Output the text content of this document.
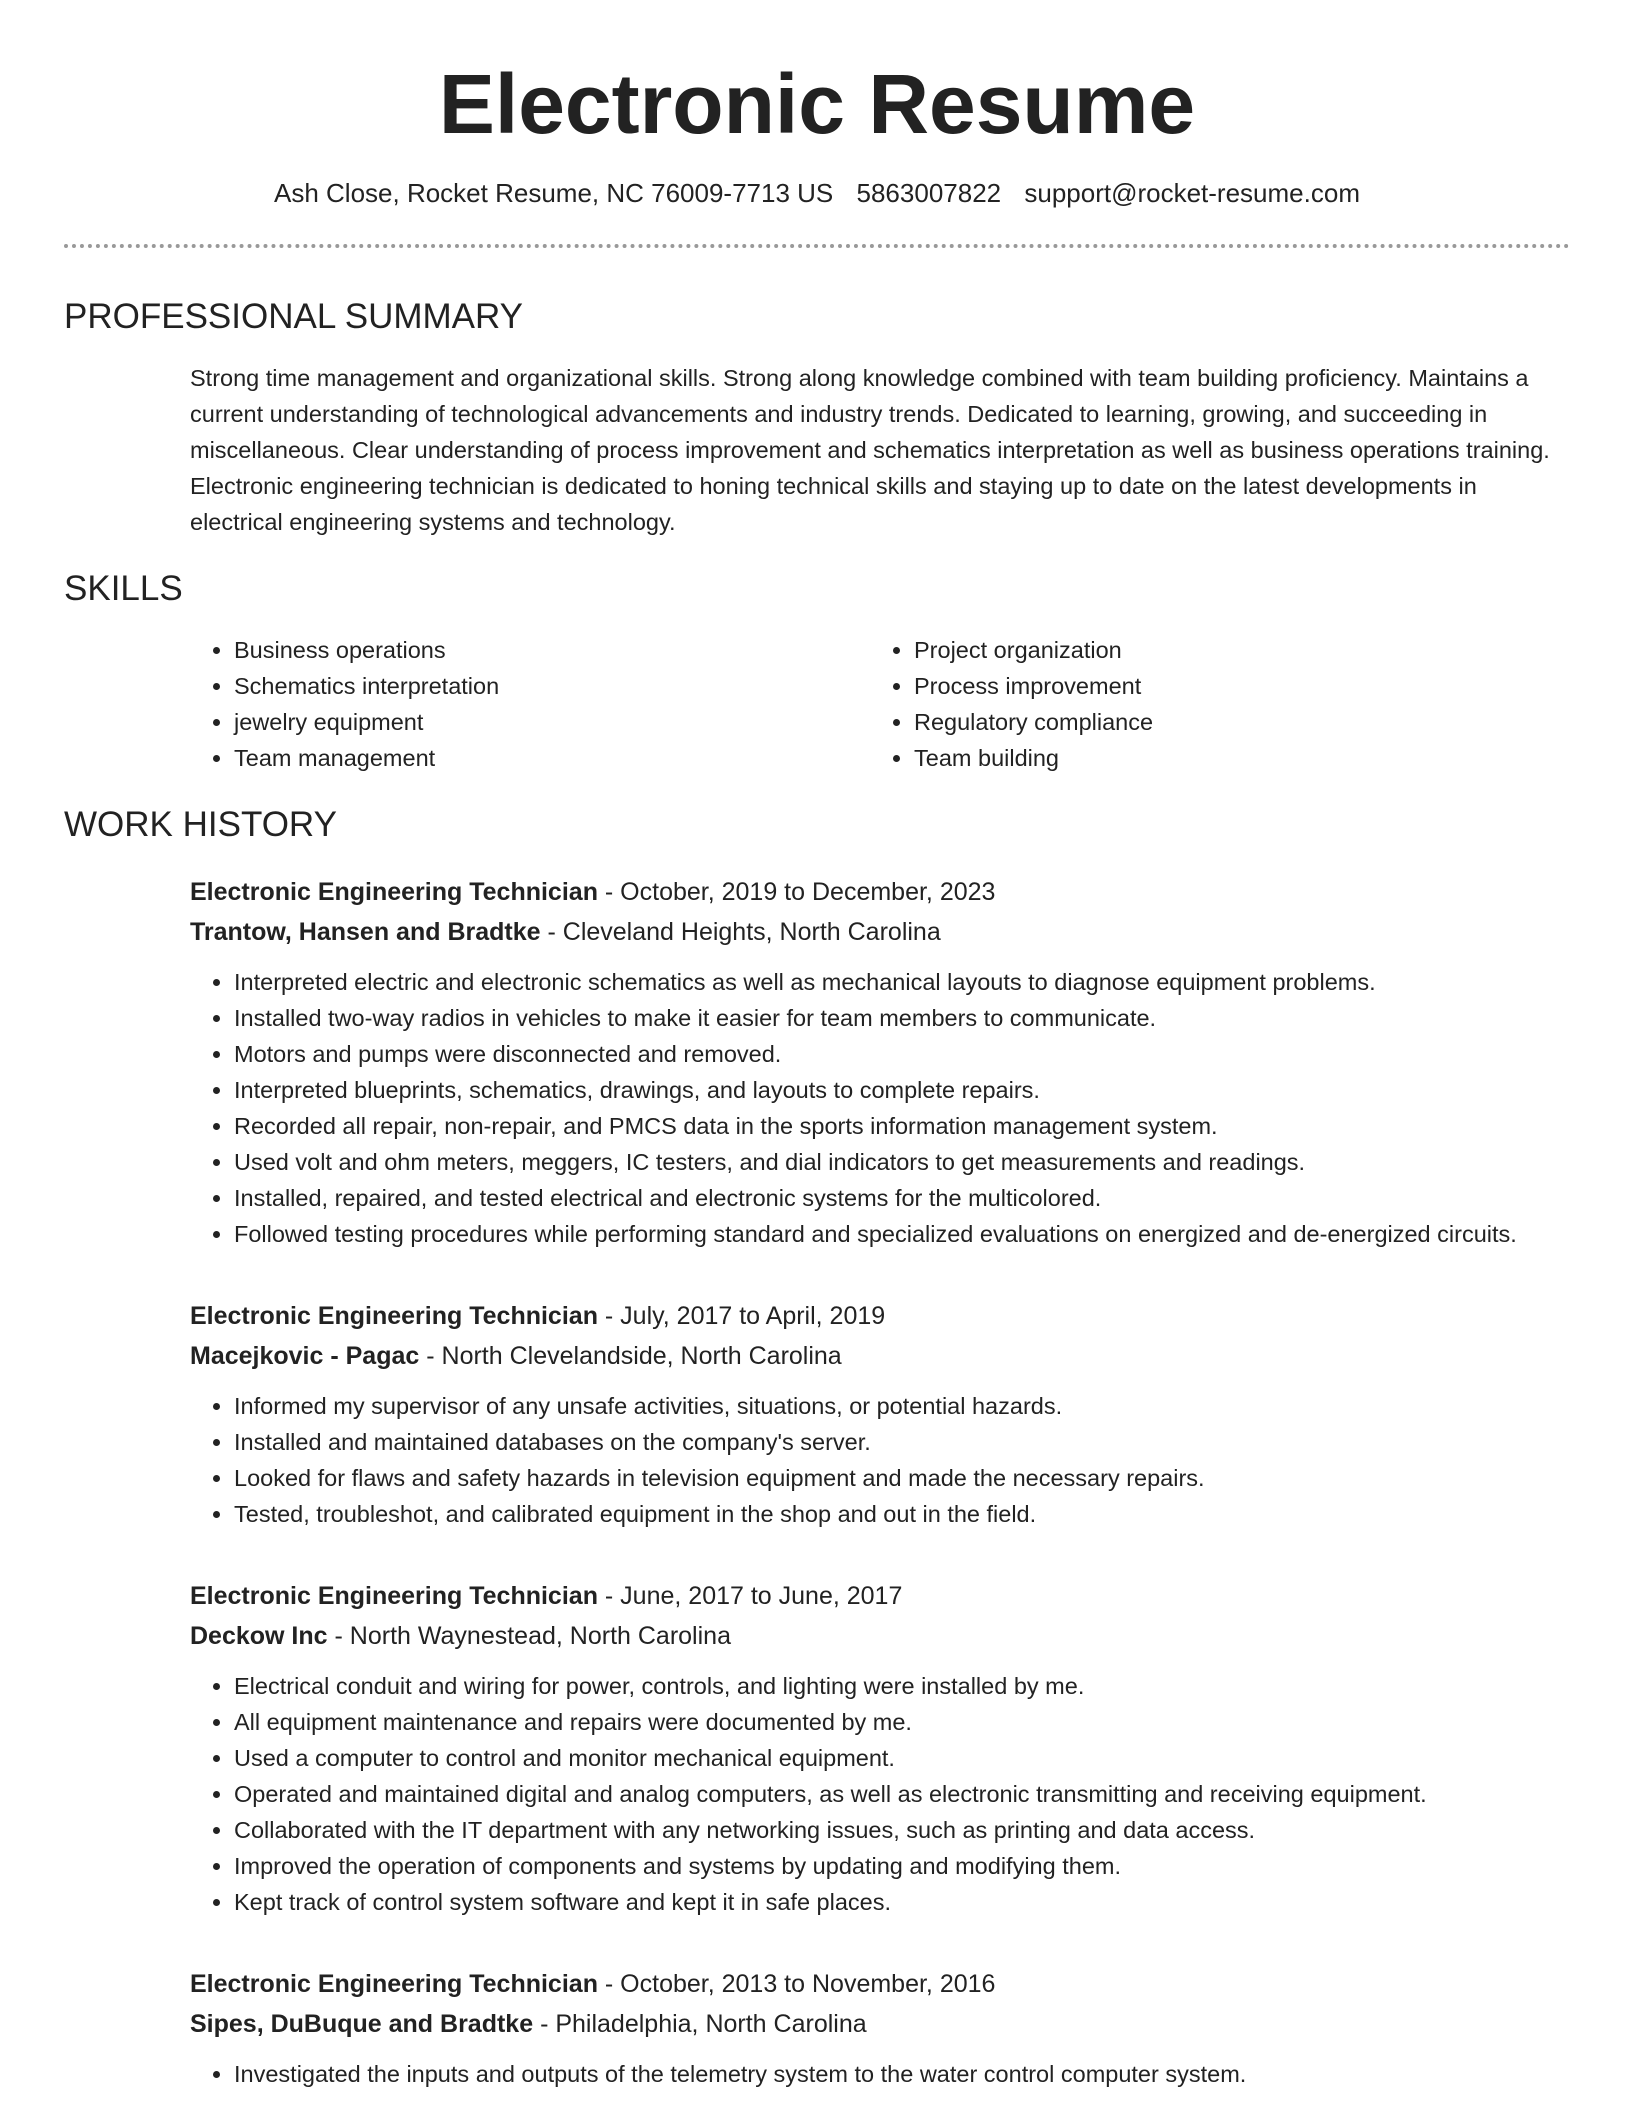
Electronic Resume
Ash Close, Rocket Resume, NC 76009-7713 US 5863007822 support@rocket-resume.com
PROFESSIONAL SUMMARY

Strong time management and organizational skills. Strong along knowledge combined with team building proficiency. Maintains a current understanding of technological advancements and industry trends. Dedicated to learning, growing, and succeeding in miscellaneous. Clear understanding of process improvement and schematics interpretation as well as business operations training. Electronic engineering technician is dedicated to honing technical skills and staying up to date on the latest developments in electrical engineering systems and technology.

SKILLS
• Business operations
• Schematics interpretation
• jewelry equipment
• Team management
• Project organization
• Process improvement
• Regulatory compliance
• Team building
WORK HISTORY
Electronic Engineering Technician - October, 2019 to December, 2023
Trantow, Hansen and Bradtke - Cleveland Heights, North Carolina
• Interpreted electric and electronic schematics as well as mechanical layouts to diagnose equipment problems.
• Installed two-way radios in vehicles to make it easier for team members to communicate.
• Motors and pumps were disconnected and removed.
• Interpreted blueprints, schematics, drawings, and layouts to complete repairs.
• Recorded all repair, non-repair, and PMCS data in the sports information management system.
• Used volt and ohm meters, meggers, IC testers, and dial indicators to get measurements and readings.
• Installed, repaired, and tested electrical and electronic systems for the multicolored.
• Followed testing procedures while performing standard and specialized evaluations on energized and de-energized circuits.
Electronic Engineering Technician - July, 2017 to April, 2019
Macejkovic - Pagac - North Clevelandside, North Carolina
• Informed my supervisor of any unsafe activities, situations, or potential hazards.
• Installed and maintained databases on the company's server.
• Looked for flaws and safety hazards in television equipment and made the necessary repairs.
• Tested, troubleshot, and calibrated equipment in the shop and out in the field.
Electronic Engineering Technician - June, 2017 to June, 2017
Deckow Inc - North Waynestead, North Carolina
• Electrical conduit and wiring for power, controls, and lighting were installed by me.
• All equipment maintenance and repairs were documented by me.
• Used a computer to control and monitor mechanical equipment.
• Operated and maintained digital and analog computers, as well as electronic transmitting and receiving equipment.
• Collaborated with the IT department with any networking issues, such as printing and data access.
• Improved the operation of components and systems by updating and modifying them.
• Kept track of control system software and kept it in safe places.
Electronic Engineering Technician - October, 2013 to November, 2016
Sipes, DuBuque and Bradtke - Philadelphia, North Carolina
• Investigated the inputs and outputs of the telemetry system to the water control computer system.
